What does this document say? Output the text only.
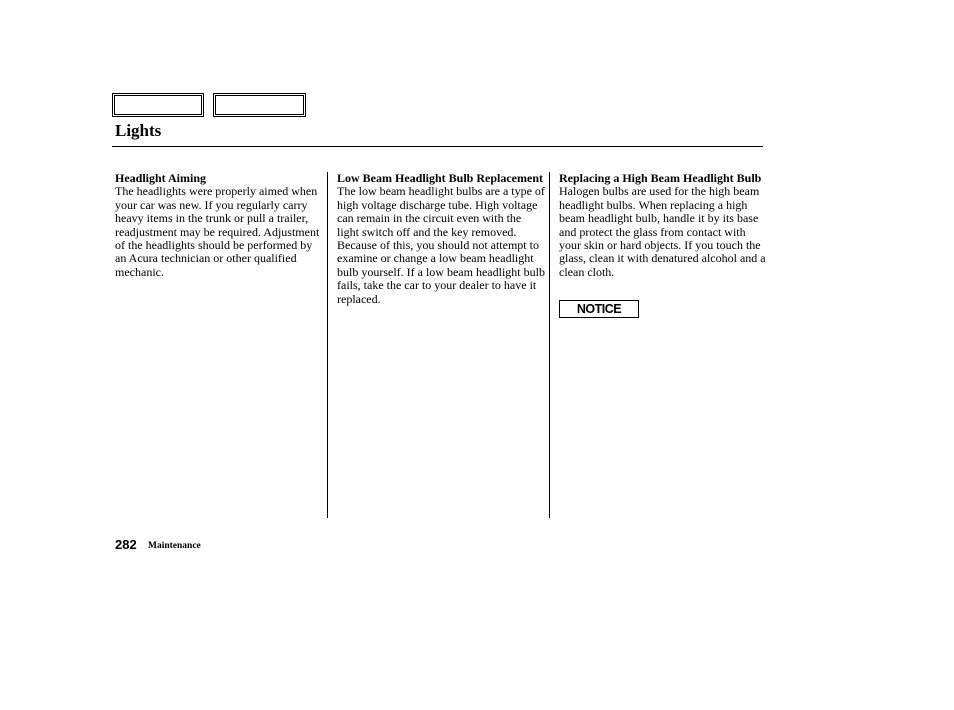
Lights
Headlight Aiming

The headlights were properly aimed when your car was new. If you regularly carry heavy items in the trunk or pull a trailer, readjustment may be required. Adjustment of the headlights should be performed by an Acura technician or other qualified mechanic.

Low Beam Headlight Bulb Replacement

The low beam headlight bulbs are a type of high voltage discharge tube. High voltage can remain in the circuit even with the light switch off and the key removed. Because of this, you should not attempt to examine or change a low beam headlight bulb yourself. If a low beam headlight bulb fails, take the car to your dealer to have it replaced.

Replacing a High Beam Headlight Bulb

Halogen bulbs are used for the high beam headlight bulbs. When replacing a high beam headlight bulb, handle it by its base and protect the glass from contact with your skin or hard objects. If you touch the glass, clean it with denatured alcohol and a clean cloth.

NOTICE
282 Maintenance
